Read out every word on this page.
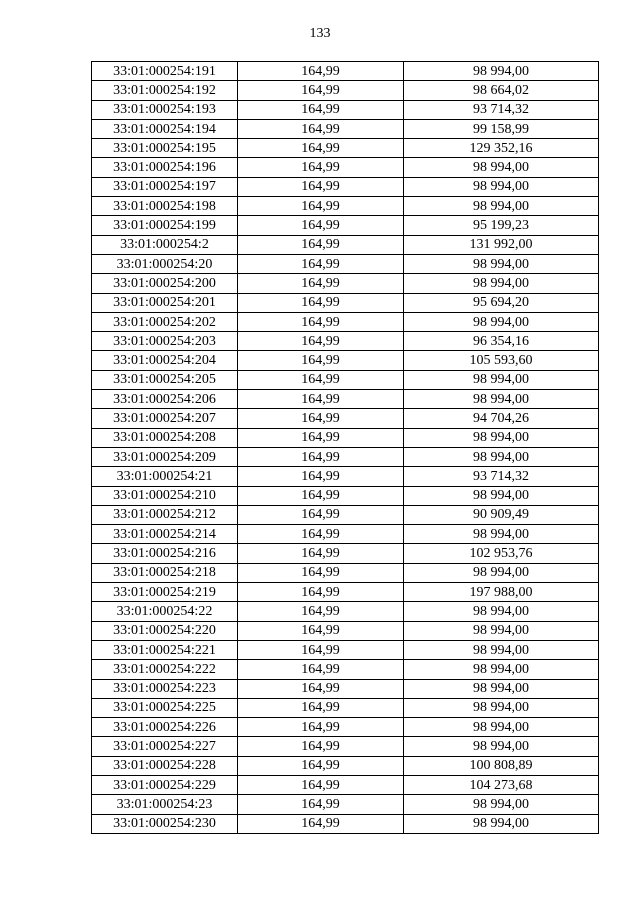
133
33:01:000254:191	164,99	98 994,00
33:01:000254:192	164,99	98 664,02
33:01:000254:193	164,99	93 714,32
33:01:000254:194	164,99	99 158,99
33:01:000254:195	164,99	129 352,16
33:01:000254:196	164,99	98 994,00
33:01:000254:197	164,99	98 994,00
33:01:000254:198	164,99	98 994,00
33:01:000254:199	164,99	95 199,23
33:01:000254:2	164,99	131 992,00
33:01:000254:20	164,99	98 994,00
33:01:000254:200	164,99	98 994,00
33:01:000254:201	164,99	95 694,20
33:01:000254:202	164,99	98 994,00
33:01:000254:203	164,99	96 354,16
33:01:000254:204	164,99	105 593,60
33:01:000254:205	164,99	98 994,00
33:01:000254:206	164,99	98 994,00
33:01:000254:207	164,99	94 704,26
33:01:000254:208	164,99	98 994,00
33:01:000254:209	164,99	98 994,00
33:01:000254:21	164,99	93 714,32
33:01:000254:210	164,99	98 994,00
33:01:000254:212	164,99	90 909,49
33:01:000254:214	164,99	98 994,00
33:01:000254:216	164,99	102 953,76
33:01:000254:218	164,99	98 994,00
33:01:000254:219	164,99	197 988,00
33:01:000254:22	164,99	98 994,00
33:01:000254:220	164,99	98 994,00
33:01:000254:221	164,99	98 994,00
33:01:000254:222	164,99	98 994,00
33:01:000254:223	164,99	98 994,00
33:01:000254:225	164,99	98 994,00
33:01:000254:226	164,99	98 994,00
33:01:000254:227	164,99	98 994,00
33:01:000254:228	164,99	100 808,89
33:01:000254:229	164,99	104 273,68
33:01:000254:23	164,99	98 994,00
33:01:000254:230	164,99	98 994,00
